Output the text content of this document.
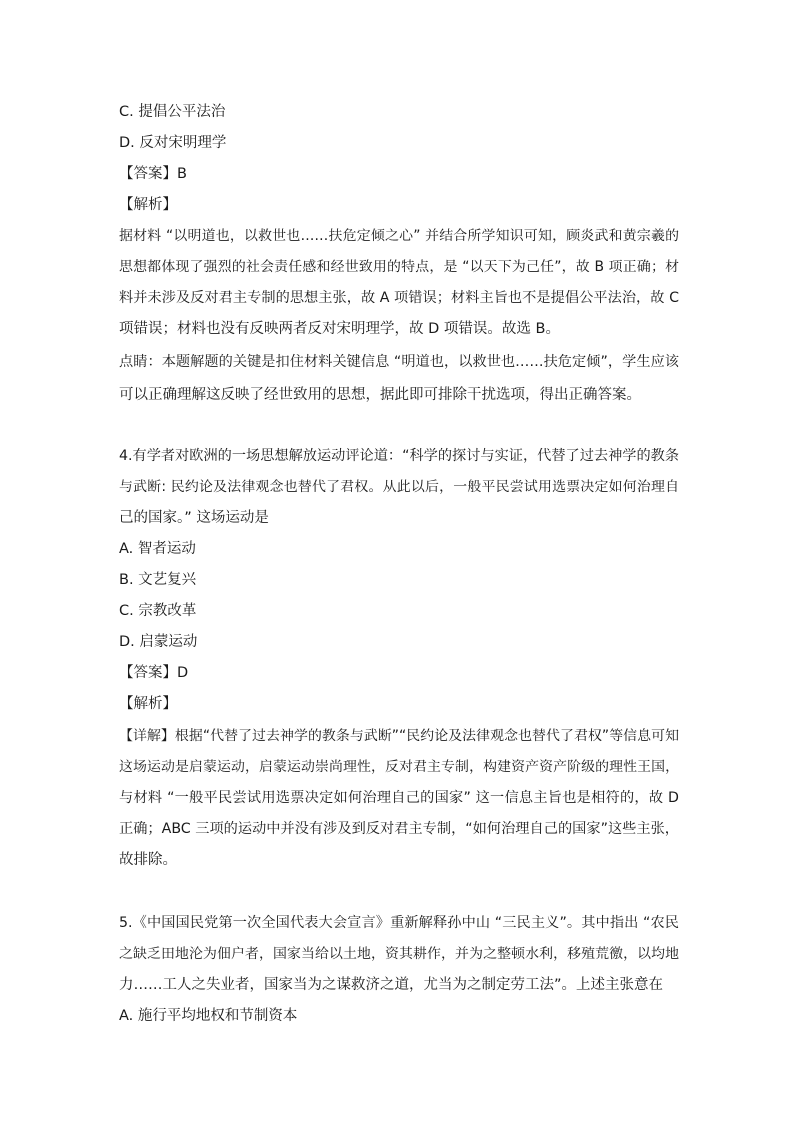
C. 提倡公平法治
D. 反对宋明理学
【答案】B
【解析】
据材料 “以明道也，以救世也……扶危定倾之心” 并结合所学知识可知，顾炎武和黄宗羲的
思想都体现了强烈的社会责任感和经世致用的特点，是 “以天下为己任”，故 B 项正确；材
料并未涉及反对君主专制的思想主张，故 A 项错误；材料主旨也不是提倡公平法治，故 C
项错误；材料也没有反映两者反对宋明理学，故 D 项错误。故选 B。
点睛：本题解题的关键是扣住材料关键信息 “明道也，以救世也……扶危定倾”，学生应该
可以正确理解这反映了经世致用的思想，据此即可排除干扰选项，得出正确答案。
4.有学者对欧洲的一场思想解放运动评论道：“科学的探讨与实证，代替了过去神学的教条
与武断: 民约论及法律观念也替代了君权。从此以后，一般平民尝试用选票决定如何治理自
己的国家。” 这场运动是
A. 智者运动
B. 文艺复兴
C. 宗教改革
D. 启蒙运动
【答案】D
【解析】
【详解】根据“代替了过去神学的教条与武断”“民约论及法律观念也替代了君权”等信息可知
这场运动是启蒙运动，启蒙运动崇尚理性，反对君主专制，构建资产资产阶级的理性王国，
与材料 “一般平民尝试用选票决定如何治理自己的国家” 这一信息主旨也是相符的，故 D
正确；ABC 三项的运动中并没有涉及到反对君主专制，“如何治理自己的国家”这些主张，
故排除。
5.《中国国民党第一次全国代表大会宣言》重新解释孙中山 “三民主义”。其中指出 “农民
之缺乏田地沦为佃户者，国家当给以土地，资其耕作，并为之整顿水利，移殖荒徼，以均地
力……工人之失业者，国家当为之谋救济之道，尤当为之制定劳工法”。上述主张意在
A. 施行平均地权和节制资本
